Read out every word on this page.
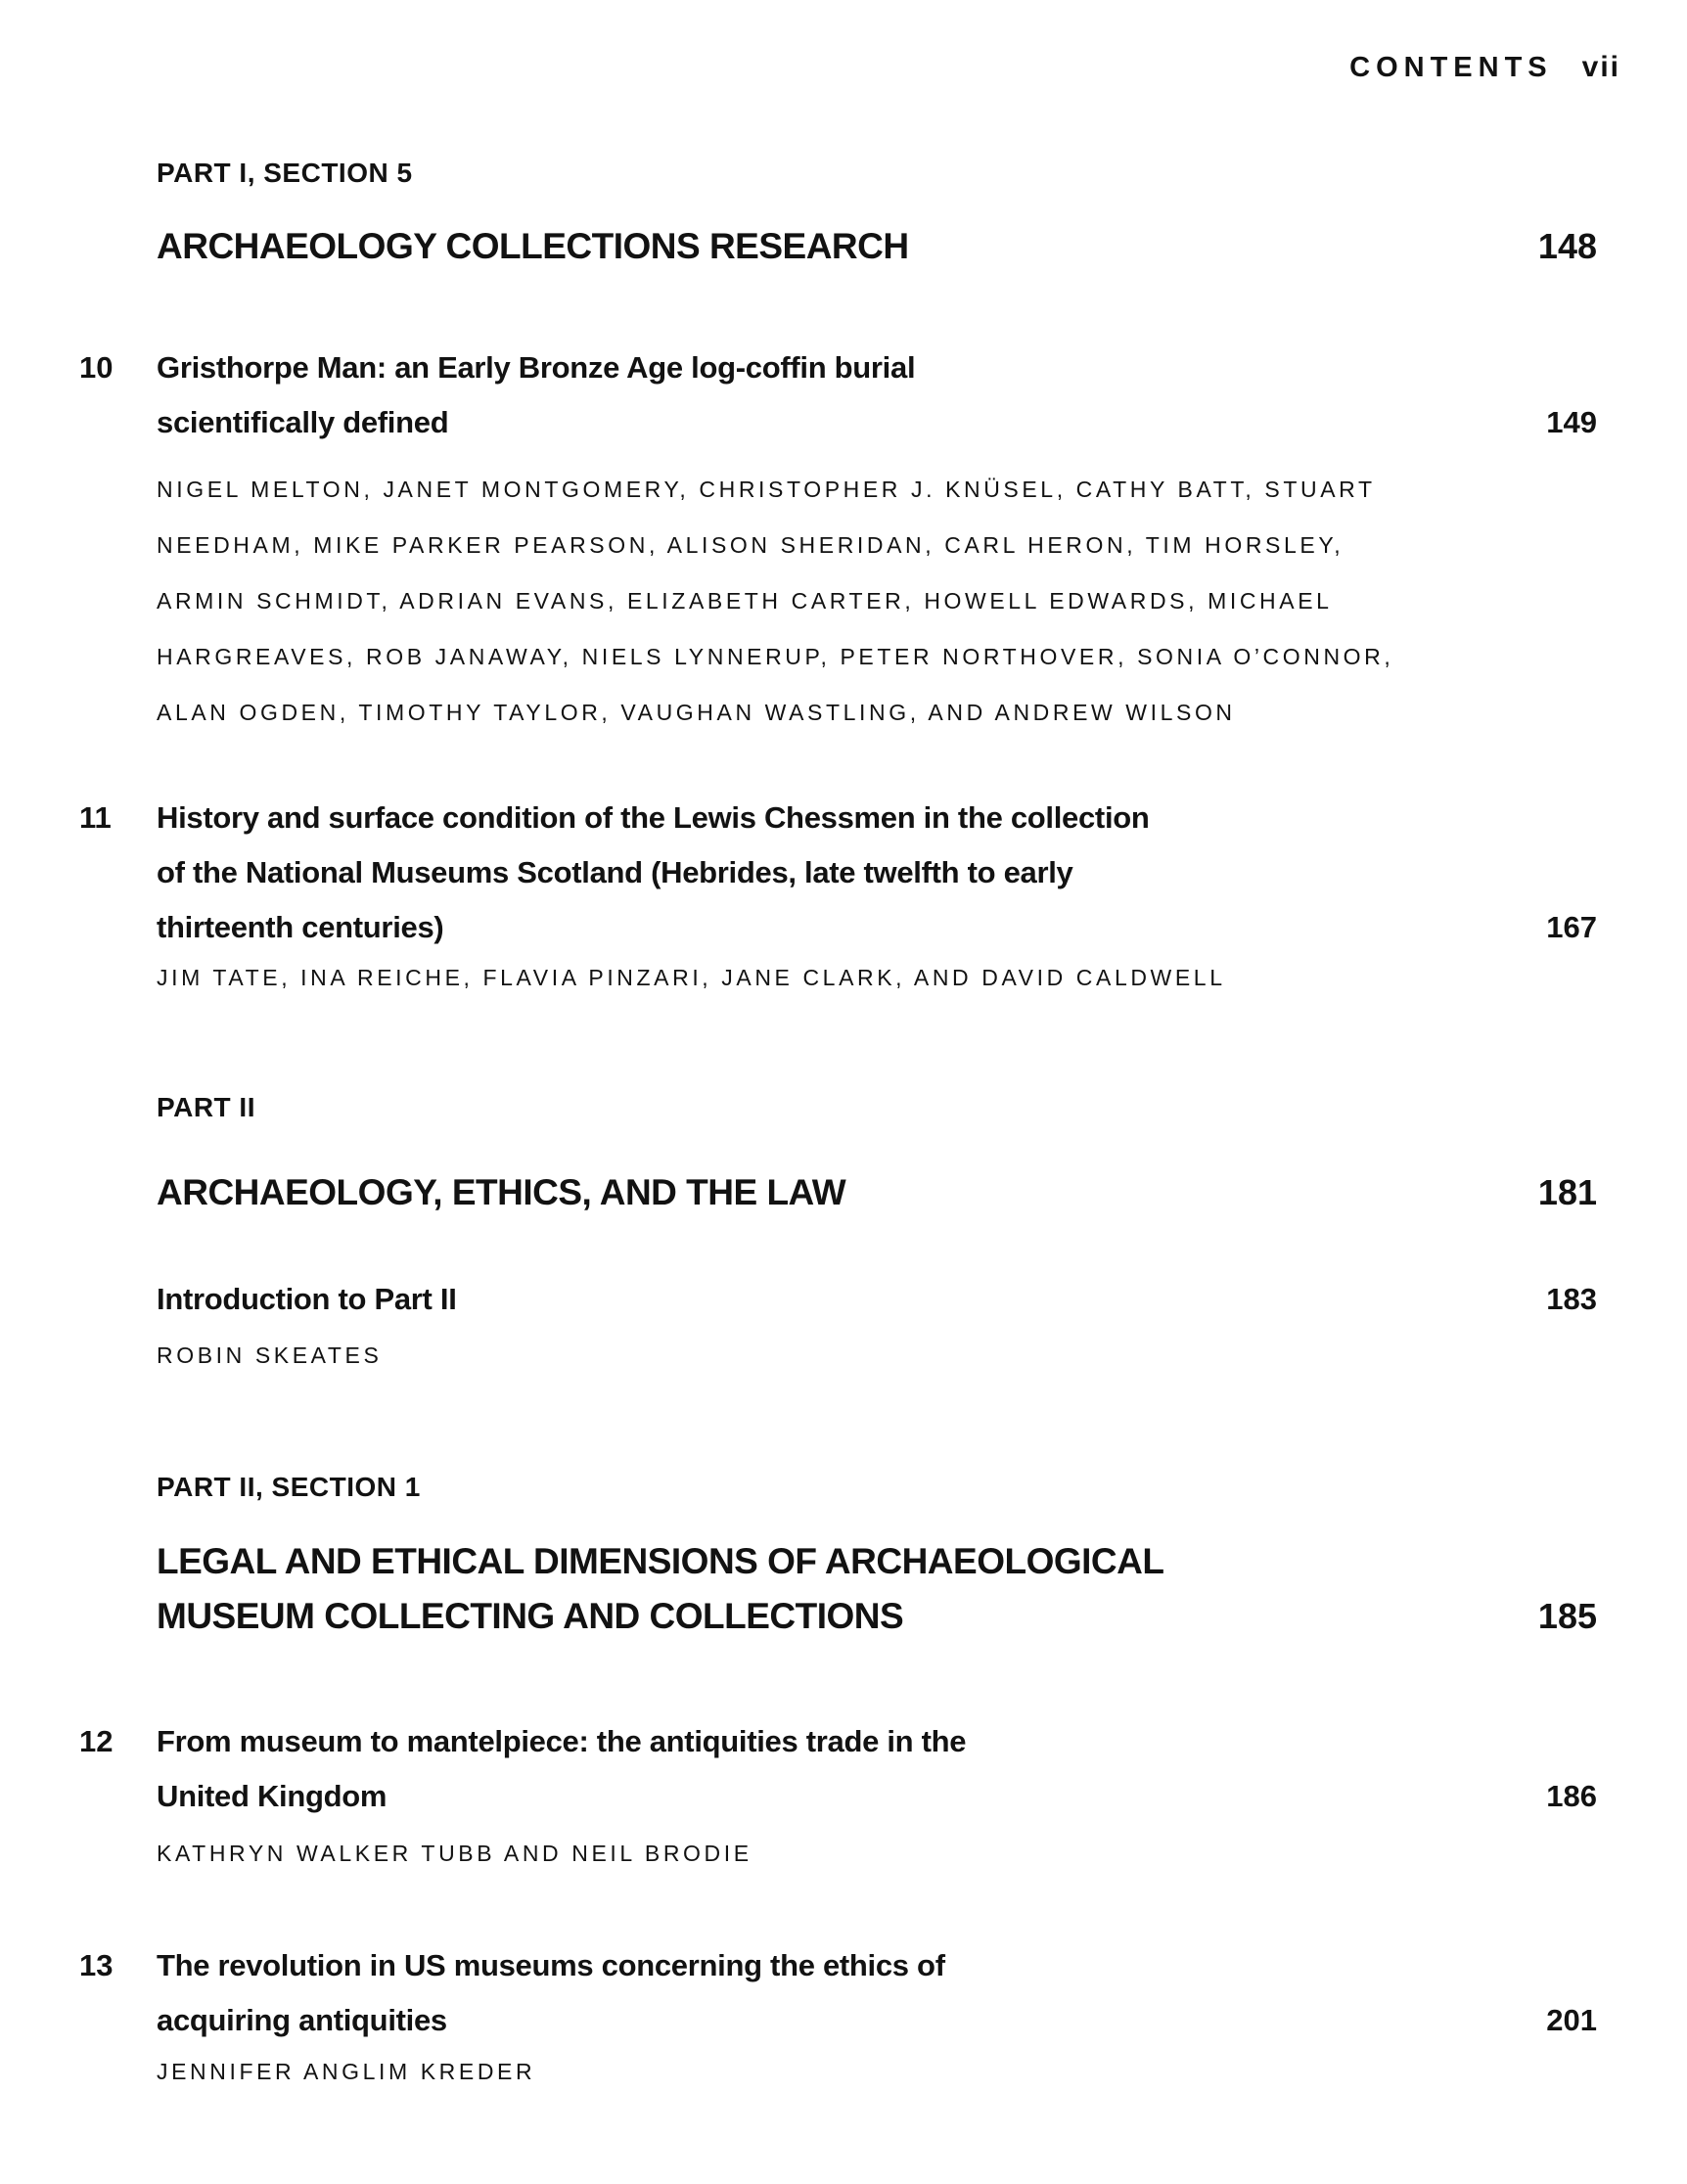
CONTENTS vii
PART I, SECTION 5
ARCHAEOLOGY COLLECTIONS RESEARCH	148
10 Gristhorpe Man: an Early Bronze Age log-coffin burial
scientifically defined	149
NIGEL MELTON, JANET MONTGOMERY, CHRISTOPHER J. KNÜSEL, CATHY BATT, STUART
NEEDHAM, MIKE PARKER PEARSON, ALISON SHERIDAN, CARL HERON, TIM HORSLEY,
ARMIN SCHMIDT, ADRIAN EVANS, ELIZABETH CARTER, HOWELL EDWARDS, MICHAEL
HARGREAVES, ROB JANAWAY, NIELS LYNNERUP, PETER NORTHOVER, SONIA O’CONNOR,
ALAN OGDEN, TIMOTHY TAYLOR, VAUGHAN WASTLING, AND ANDREW WILSON
11 History and surface condition of the Lewis Chessmen in the collection
of the National Museums Scotland (Hebrides, late twelfth to early
thirteenth centuries)	167
JIM TATE, INA REICHE, FLAVIA PINZARI, JANE CLARK, AND DAVID CALDWELL
PART II
ARCHAEOLOGY, ETHICS, AND THE LAW	181
Introduction to Part II	183
ROBIN SKEATES
PART II, SECTION 1
LEGAL AND ETHICAL DIMENSIONS OF ARCHAEOLOGICAL
MUSEUM COLLECTING AND COLLECTIONS	185
12 From museum to mantelpiece: the antiquities trade in the
United Kingdom	186
KATHRYN WALKER TUBB AND NEIL BRODIE
13 The revolution in US museums concerning the ethics of
acquiring antiquities	201
JENNIFER ANGLIM KREDER
